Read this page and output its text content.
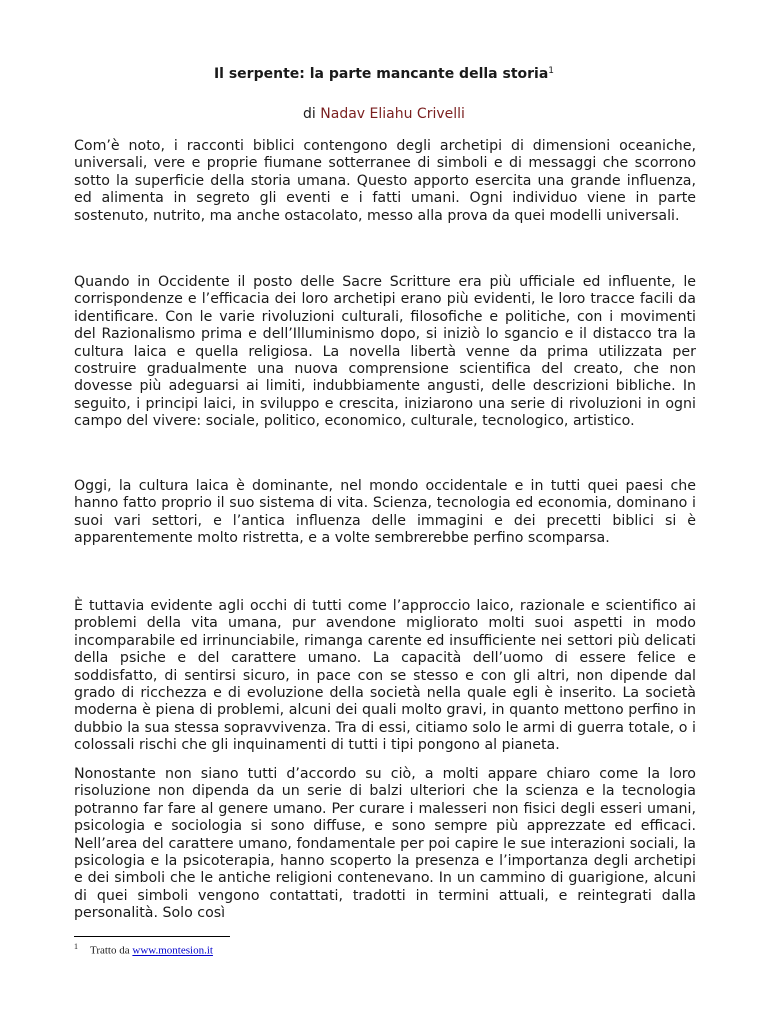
Il serpente: la parte mancante della storia$^1$
di Nadav Eliahu Crivelli

Com’è noto, i racconti biblici contengono degli archetipi di dimensioni oceaniche, universali, vere e proprie fiumane sotterranee di simboli e di messaggi che scorrono sotto la superficie della storia umana. Questo apporto esercita una grande influenza, ed alimenta in segreto gli eventi e i fatti umani. Ogni individuo viene in parte sostenuto, nutrito, ma anche ostacolato, messo alla prova da quei modelli universali.

Quando in Occidente il posto delle Sacre Scritture era più ufficiale ed influente, le corrispondenze e l’efficacia dei loro archetipi erano più evidenti, le loro tracce facili da identificare. Con le varie rivoluzioni culturali, filosofiche e politiche, con i movimenti del Razionalismo prima e dell’Illuminismo dopo, si iniziò lo sgancio e il distacco tra la cultura laica e quella religiosa. La novella libertà venne da prima utilizzata per costruire gradualmente una nuova comprensione scientifica del creato, che non dovesse più adeguarsi ai limiti, indubbiamente angusti, delle descrizioni bibliche. In seguito, i principi laici, in sviluppo e crescita, iniziarono una serie di rivoluzioni in ogni campo del vivere: sociale, politico, economico, culturale, tecnologico, artistico.

Oggi, la cultura laica è dominante, nel mondo occidentale e in tutti quei paesi che hanno fatto proprio il suo sistema di vita. Scienza, tecnologia ed economia, dominano i suoi vari settori, e l’antica influenza delle immagini e dei precetti biblici si è apparentemente molto ristretta, e a volte sembrerebbe perfino scomparsa.

È tuttavia evidente agli occhi di tutti come l’approccio laico, razionale e scientifico ai problemi della vita umana, pur avendone migliorato molti suoi aspetti in modo incomparabile ed irrinunciabile, rimanga carente ed insufficiente nei settori più delicati della psiche e del carattere umano. La capacità dell’uomo di essere felice e soddisfatto, di sentirsi sicuro, in pace con se stesso e con gli altri, non dipende dal grado di ricchezza e di evoluzione della società nella quale egli è inserito. La società moderna è piena di problemi, alcuni dei quali molto gravi, in quanto mettono perfino in dubbio la sua stessa sopravvivenza. Tra di essi, citiamo solo le armi di guerra totale, o i colossali rischi che gli inquinamenti di tutti i tipi pongono al pianeta.

Nonostante non siano tutti d’accordo su ciò, a molti appare chiaro come la loro risoluzione non dipenda da un serie di balzi ulteriori che la scienza e la tecnologia potranno far fare al genere umano. Per curare i malesseri non fisici degli esseri umani, psicologia e sociologia si sono diffuse, e sono sempre più apprezzate ed efficaci. Nell’area del carattere umano, fondamentale per poi capire le sue interazioni sociali, la psicologia e la psicoterapia, hanno scoperto la presenza e l’importanza degli archetipi e dei simboli che le antiche religioni contenevano. In un cammino di guarigione, alcuni di quei simboli vengono contattati, tradotti in termini attuali, e reintegrati dalla personalità. Solo così

$^1$ Tratto da www.montesion.it
